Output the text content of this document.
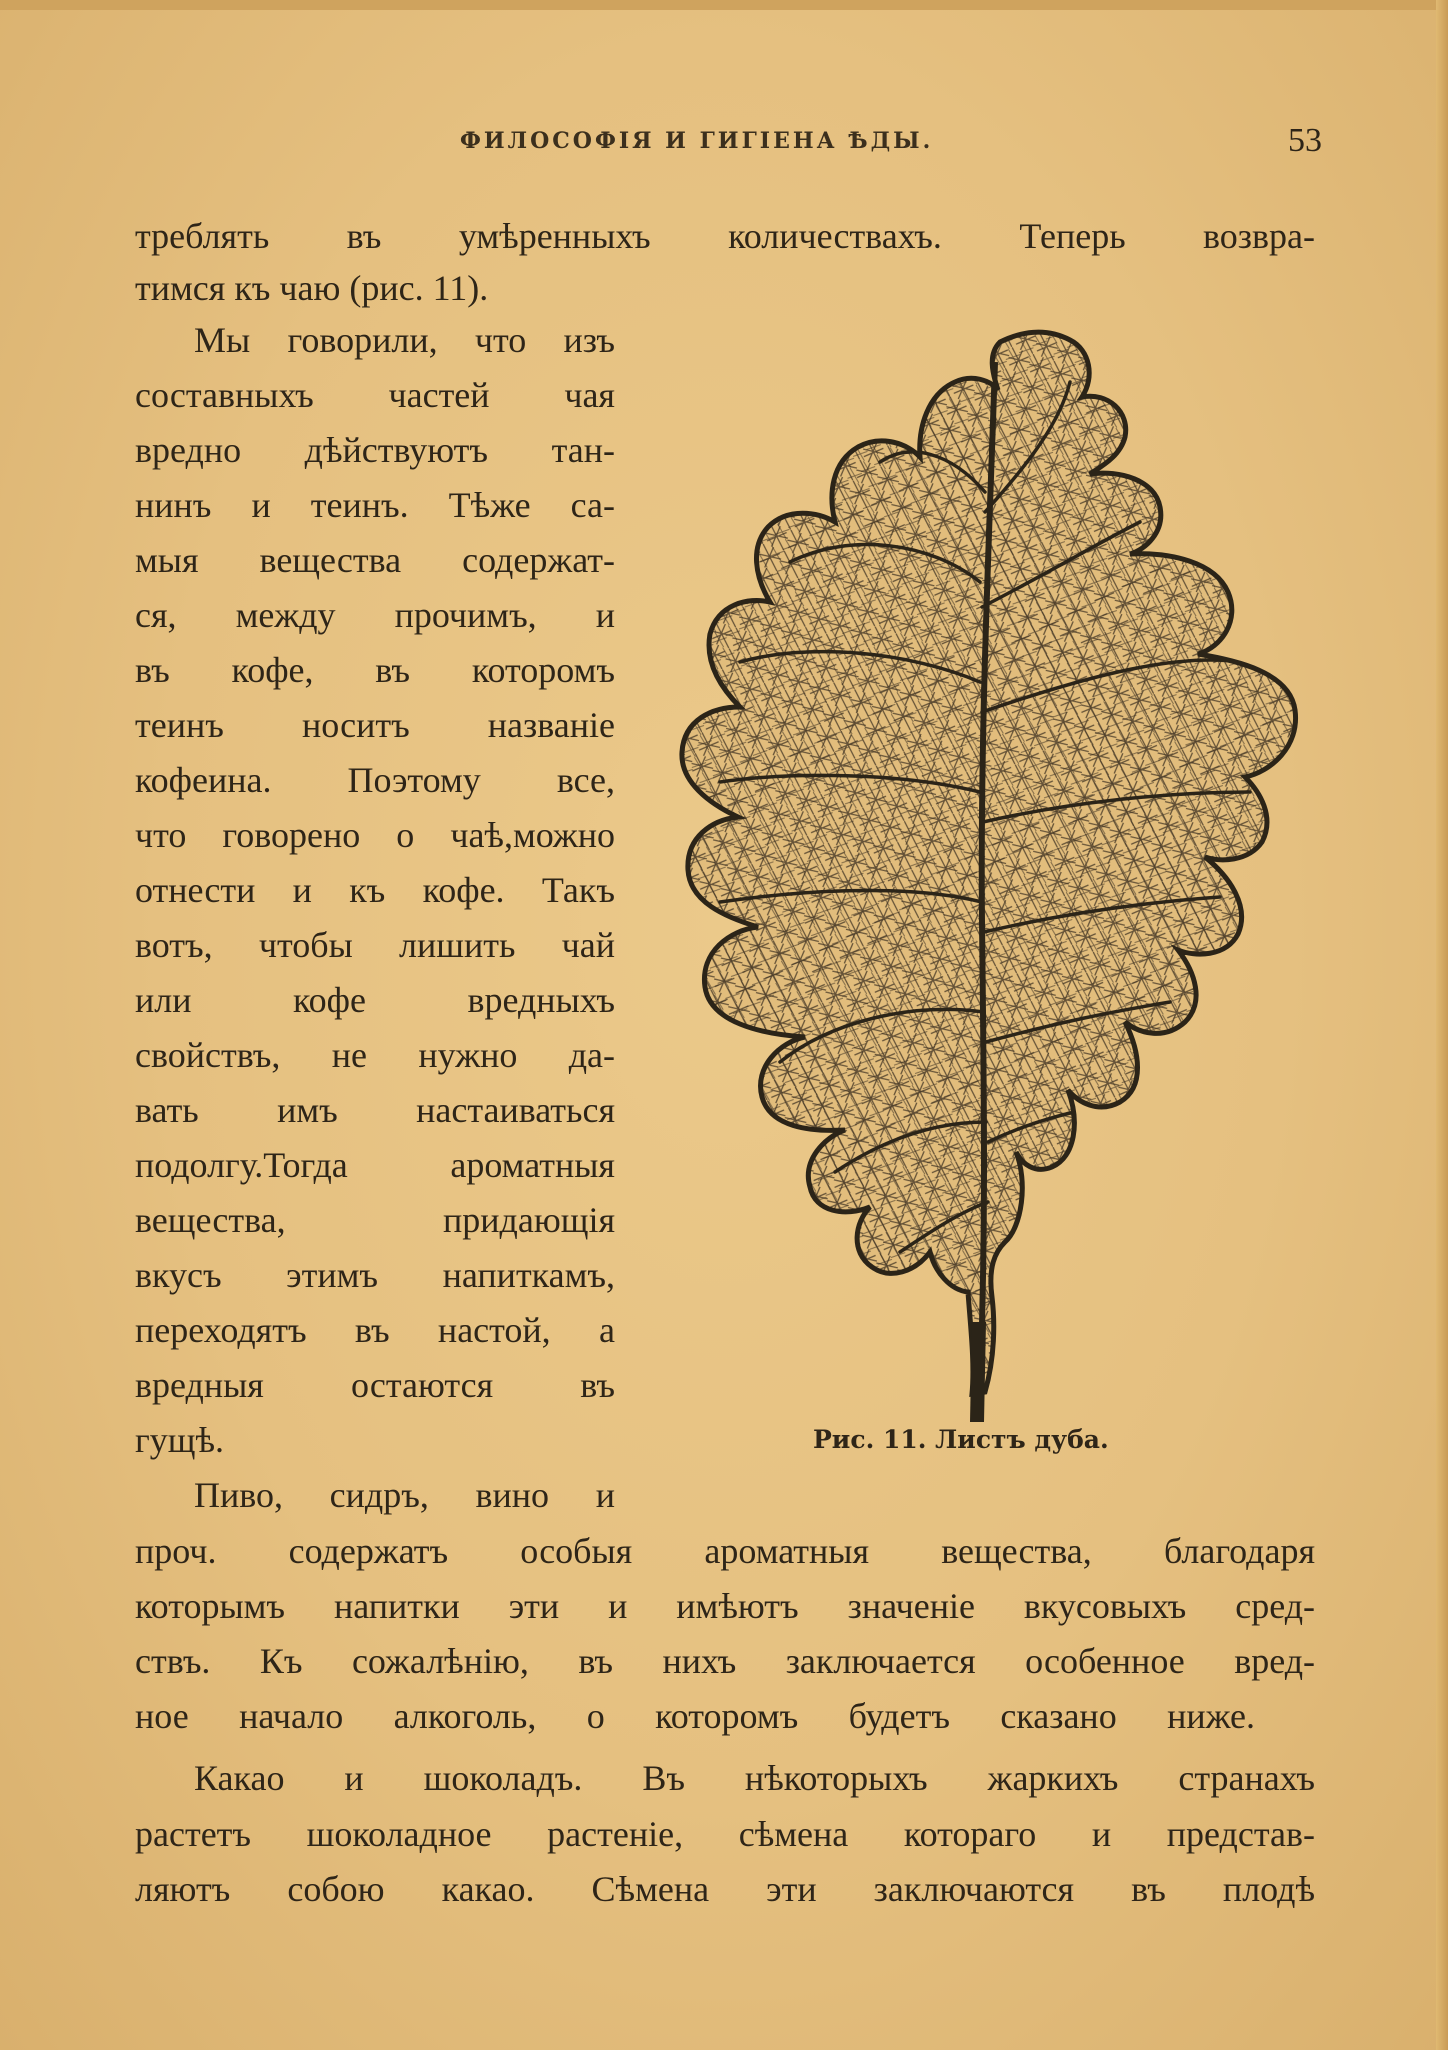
ФИЛОСОФІЯ И ГИГІЕНА ѢДЫ.	53
треблять въ умѣренныхъ количествахъ. Теперь возвра-
тимся къ чаю (рис. 11).
Мы говорили, что изъ
составныхъ частей чая
вредно дѣйствуютъ тан-
нинъ и теинъ. Тѣже са-
мыя вещества содержат-
ся, между прочимъ, и
въ кофе, въ которомъ
теинъ носитъ названіе
кофеина. Поэтому все,
что говорено о чаѣ,можно
отнести и къ кофе. Такъ
вотъ, чтобы лишить чай
или кофе вредныхъ
свойствъ, не нужно да-
вать имъ настаиваться
подолгу.Тогда ароматныя
вещества, придающія
вкусъ этимъ напиткамъ,
переходятъ въ настой, а
вредныя остаются въ
гущѣ.
Пиво, сидръ, вино и
проч. содержатъ особыя ароматныя вещества, благодаря
которымъ напитки эти и имѣютъ значеніе вкусовыхъ сред-
ствъ. Къ сожалѣнію, въ нихъ заключается особенное вред-
ное начало алкоголь, о которомъ будетъ сказано ниже.
Какао и шоколадъ. Въ нѣкоторыхъ жаркихъ странахъ
растетъ шоколадное растеніе, сѣмена котораго и представ-
ляютъ собою какао. Сѣмена эти заключаются въ плодѣ
Рис. 11. Листъ дуба.
